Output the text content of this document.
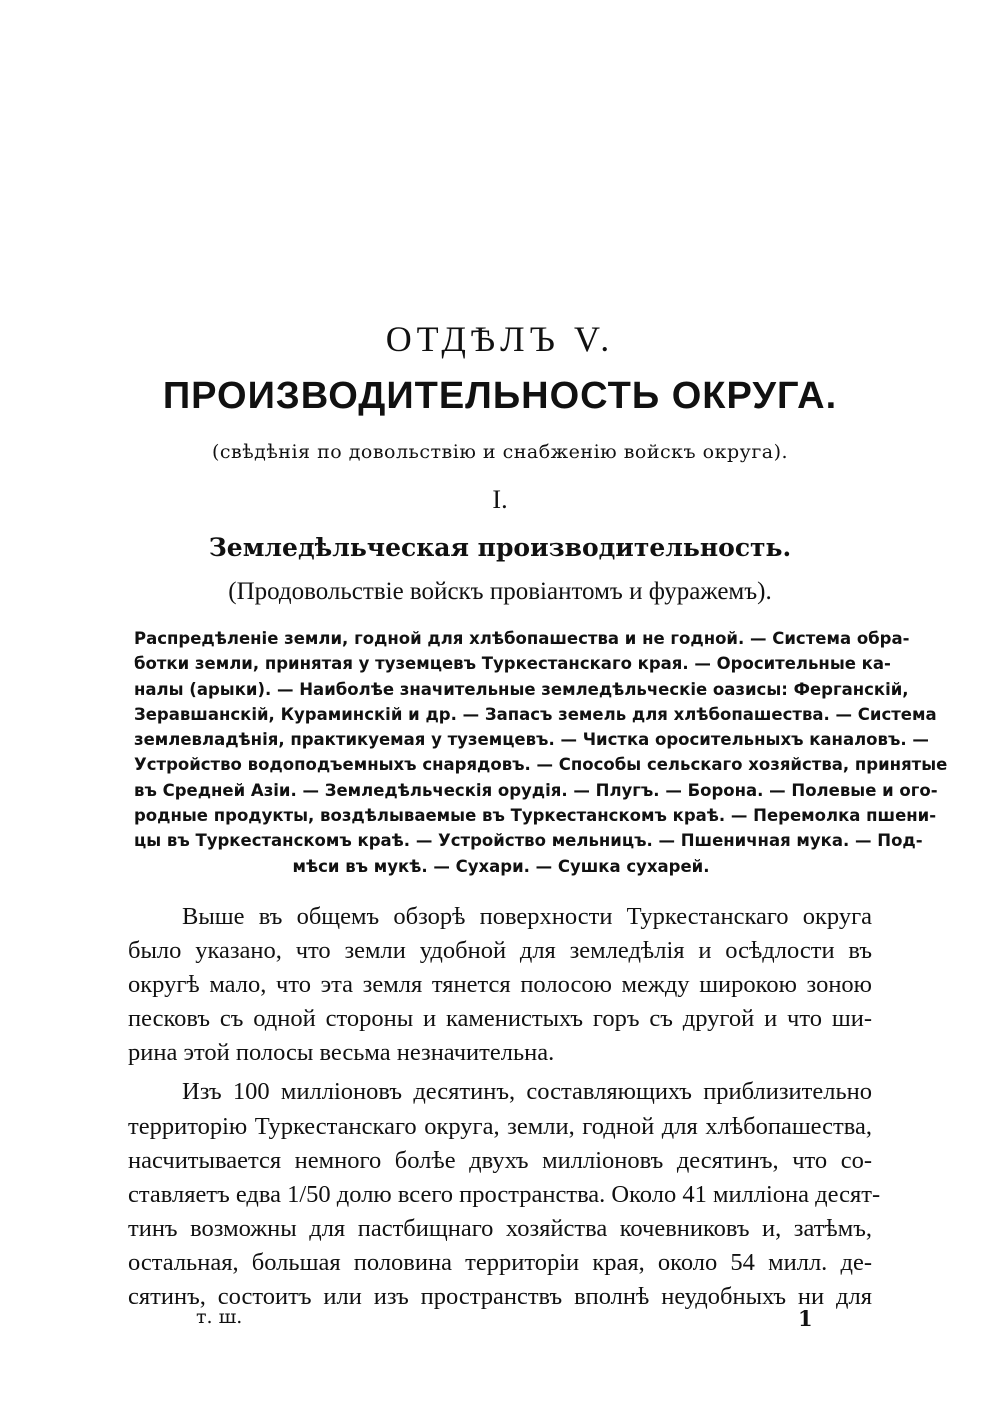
ОТДѢЛЪ V.
ПРОИЗВОДИТЕЛЬНОСТЬ ОКРУГА.
(свѣдѣнія по довольствію и снабженію войскъ округа).
I.
Земледѣльческая производительность.
(Продовольствіе войскъ провіантомъ и фуражемъ).
Распредѣленіе земли, годной для хлѣбопашества и не годной. — Система обра-
ботки земли, принятая у туземцевъ Туркестанскаго края. — Оросительные ка-
налы (арыки). — Наиболѣе значительные земледѣльческіе оазисы: Ферганскій,
Зеравшанскій, Кураминскій и др. — Запасъ земель для хлѣбопашества. — Система
землевладѣнія, практикуемая у туземцевъ. — Чистка оросительныхъ каналовъ. —
Устройство водоподъемныхъ снарядовъ. — Способы сельскаго хозяйства, принятые
въ Средней Азіи. — Земледѣльческія орудія. — Плугъ. — Борона. — Полевые и ого-
родные продукты, воздѣлываемые въ Туркестанскомъ краѣ. — Перемолка пшени-
цы въ Туркестанскомъ краѣ. — Устройство мельницъ. — Пшеничная мука. — Под-
мѣси въ мукѣ. — Сухари. — Сушка сухарей.
Выше въ общемъ обзорѣ поверхности Туркестанскаго округа
было указано, что земли удобной для земледѣлія и осѣдлости въ
округѣ мало, что эта земля тянется полосою между широкою зоною
песковъ съ одной стороны и каменистыхъ горъ съ другой и что ши-
рина этой полосы весьма незначительна.
Изъ 100 милліоновъ десятинъ, составляющихъ приблизительно
территорію Туркестанскаго округа, земли, годной для хлѣбопашества,
насчитывается немного болѣе двухъ милліоновъ десятинъ, что со-
ставляетъ едва 1/50 долю всего пространства. Около 41 милліона десят-
тинъ возможны для пастбищнаго хозяйства кочевниковъ и, затѣмъ,
остальная, большая половина территоріи края, около 54 милл. де-
сятинъ, состоитъ или изъ пространствъ вполнѣ неудобныхъ ни для
т. ш.	1
